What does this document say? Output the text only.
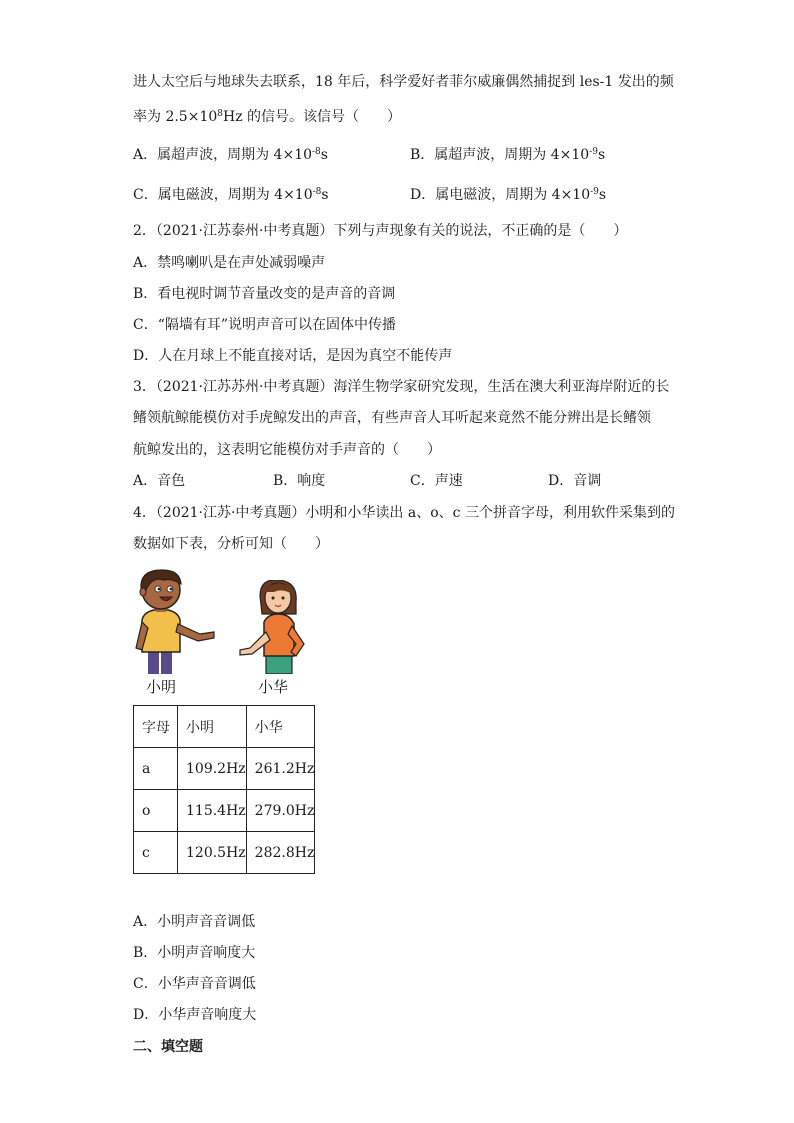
进人太空后与地球失去联系，18 年后，科学爱好者菲尔威廉偶然捕捉到 les-1 发出的频
率为 $2.5\times 10^8Hz$ 的信号。该信号（　　）
A．属超声波，周期为 $4\times 10^{-8}s$	B．属超声波，周期为 $4\times 10^{-9}s$
C．属电磁波，周期为 $4\times 10^{-8}s$	D．属电磁波，周期为 $4\times 10^{-9}s$
2．（2021·江苏泰州·中考真题）下列与声现象有关的说法，不正确的是（　　）
A．禁鸣喇叭是在声处减弱噪声
B．看电视时调节音量改变的是声音的音调
C．“隔墙有耳”说明声音可以在固体中传播
D．人在月球上不能直接对话，是因为真空不能传声
3．（2021·江苏苏州·中考真题）海洋生物学家研究发现，生活在澳大利亚海岸附近的长
鳍领航鲸能模仿对手虎鲸发出的声音，有些声音人耳听起来竟然不能分辨出是长鳍领
航鲸发出的，这表明它能模仿对手声音的（　　）
A．音色	B．响度	C．声速	D．音调
4．（2021·江苏·中考真题）小明和小华读出 a、o、c 三个拼音字母，利用软件采集到的
数据如下表，分析可知（　　）
小明	小华
字母	小明	小华
a	109.2Hz	261.2Hz
o	115.4Hz	279.0Hz
c	120.5Hz	282.8Hz
A．小明声音音调低
B．小明声音响度大
C．小华声音音调低
D．小华声音响度大
二、填空题
